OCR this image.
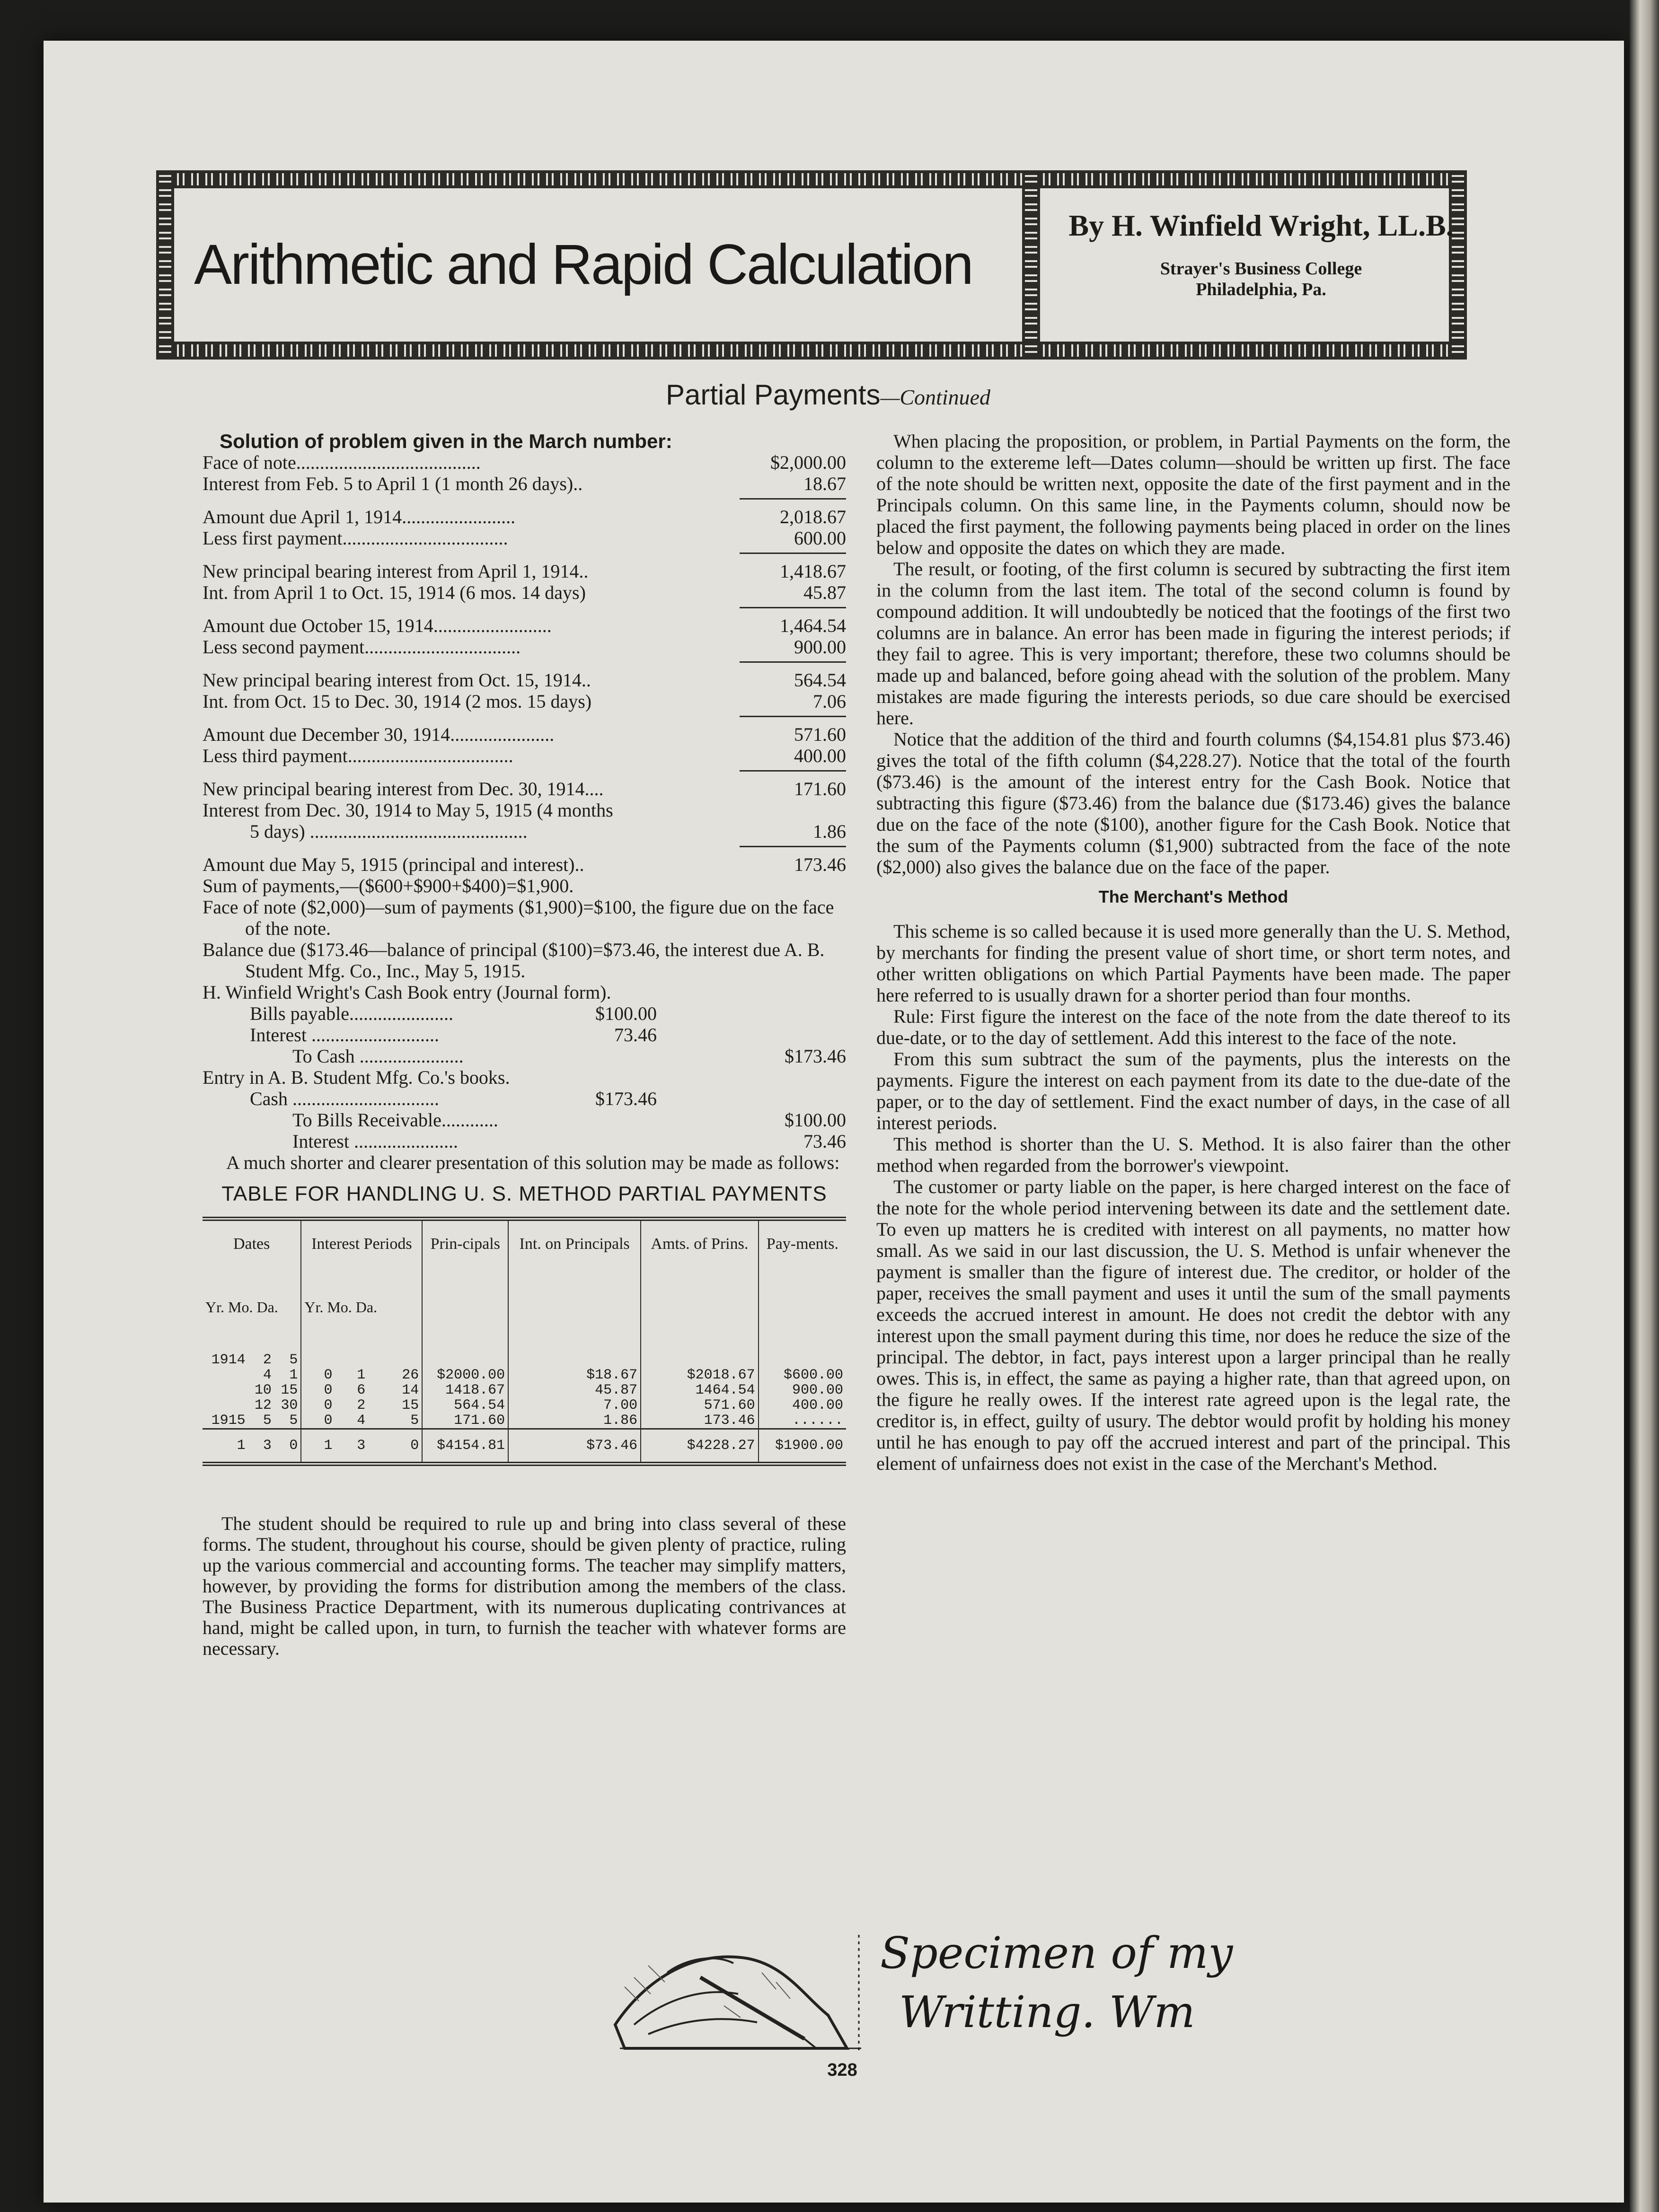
Arithmetic and Rapid Calculation
By H. Winfield Wright, LL.B.
Strayer's Business College
Philadelphia, Pa.
Partial Payments—Continued
Solution of problem given in the March number:
Face of note.......................................	$2,000.00
Interest from Feb. 5 to April 1 (1 month 26 days)..	18.67
Amount due April 1, 1914........................	2,018.67
Less first payment...................................	600.00
New principal bearing interest from April 1, 1914..	1,418.67
Int. from April 1 to Oct. 15, 1914 (6 mos. 14 days)	45.87
Amount due October 15, 1914.........................	1,464.54
Less second payment.................................	900.00
New principal bearing interest from Oct. 15, 1914..	564.54
Int. from Oct. 15 to Dec. 30, 1914 (2 mos. 15 days)	7.06
Amount due December 30, 1914......................	571.60
Less third payment...................................	400.00
New principal bearing interest from Dec. 30, 1914....	171.60
Interest from Dec. 30, 1914 to May 5, 1915 (4 months
5 days) ..............................................	1.86
Amount due May 5, 1915 (principal and interest)..	173.46
Sum of payments,—($600+$900+$400)=$1,900.
Face of note ($2,000)—sum of payments ($1,900)=$100, the figure due on the face of the note.
Balance due ($173.46—balance of principal ($100)=$73.46, the interest due A. B. Student Mfg. Co., Inc., May 5, 1915.
H. Winfield Wright's Cash Book entry (Journal form).
Bills payable......................	$100.00
Interest ...........................	73.46
To Cash ......................	$173.46
Entry in A. B. Student Mfg. Co.'s books.
Cash ...............................	$173.46
To Bills Receivable............	$100.00
Interest ......................	73.46
A much shorter and clearer presentation of this solution may be made as follows:
TABLE FOR HANDLING U. S. METHOD PARTIAL PAYMENTS
Dates			Interest Periods			Prin-cipals	Int. on Principals	Amts. of Prins.	Pay-ments.
Yr. Mo. Da.			Yr. Mo. Da.						
1914	2	5							
	4	1	0	1	26	$2000.00	$18.67	$2018.67	$600.00
	10	15	0	6	14	1418.67	45.87	1464.54	900.00
	12	30	0	2	15	564.54	7.00	571.60	400.00
1915	5	5	0	4	5	171.60	1.86	173.46	......
1	3	0	1	3	0	$4154.81	$73.46	$4228.27	$1900.00
The student should be required to rule up and bring into class several of these forms. The student, throughout his course, should be given plenty of practice, ruling up the various commercial and accounting forms. The teacher may simplify matters, however, by providing the forms for distribution among the members of the class. The Business Practice Department, with its numerous duplicating contrivances at hand, might be called upon, in turn, to furnish the teacher with whatever forms are necessary.

When placing the proposition, or problem, in Partial Payments on the form, the column to the extereme left—Dates column—should be written up first. The face of the note should be written next, opposite the date of the first payment and in the Principals column. On this same line, in the Payments column, should now be placed the first payment, the following payments being placed in order on the lines below and opposite the dates on which they are made.

The result, or footing, of the first column is secured by subtracting the first item in the column from the last item. The total of the second column is found by compound addition. It will undoubtedly be noticed that the footings of the first two columns are in balance. An error has been made in figuring the interest periods; if they fail to agree. This is very important; therefore, these two columns should be made up and balanced, before going ahead with the solution of the problem. Many mistakes are made figuring the interests periods, so due care should be exercised here.

Notice that the addition of the third and fourth columns ($4,154.81 plus $73.46) gives the total of the fifth column ($4,228.27). Notice that the total of the fourth ($73.46) is the amount of the interest entry for the Cash Book. Notice that subtracting this figure ($73.46) from the balance due ($173.46) gives the balance due on the face of the note ($100), another figure for the Cash Book. Notice that the sum of the Payments column ($1,900) subtracted from the face of the note ($2,000) also gives the balance due on the face of the paper.

The Merchant's Method

This scheme is so called because it is used more generally than the U. S. Method, by merchants for finding the present value of short time, or short term notes, and other written obligations on which Partial Payments have been made. The paper here referred to is usually drawn for a shorter period than four months.

Rule: First figure the interest on the face of the note from the date thereof to its due-date, or to the day of settlement. Add this interest to the face of the note.

From this sum subtract the sum of the payments, plus the interests on the payments. Figure the interest on each payment from its date to the due-date of the paper, or to the day of settlement. Find the exact number of days, in the case of all interest periods.

This method is shorter than the U. S. Method. It is also fairer than the other method when regarded from the borrower's viewpoint.

The customer or party liable on the paper, is here charged interest on the face of the note for the whole period intervening between its date and the settlement date. To even up matters he is credited with interest on all payments, no matter how small. As we said in our last discussion, the U. S. Method is unfair whenever the payment is smaller than the figure of interest due. The creditor, or holder of the paper, receives the small payment and uses it until the sum of the small payments exceeds the accrued interest in amount. He does not credit the debtor with any interest upon the small payment during this time, nor does he reduce the size of the principal. The debtor, in fact, pays interest upon a larger principal than he really owes. This is, in effect, the same as paying a higher rate, than that agreed upon, on the figure he really owes. If the interest rate agreed upon is the legal rate, the creditor is, in effect, guilty of usury. The debtor would profit by holding his money until he has enough to pay off the accrued interest and part of the principal. This element of unfairness does not exist in the case of the Merchant's Method.

Specimen of my
Writting. Wm
328
